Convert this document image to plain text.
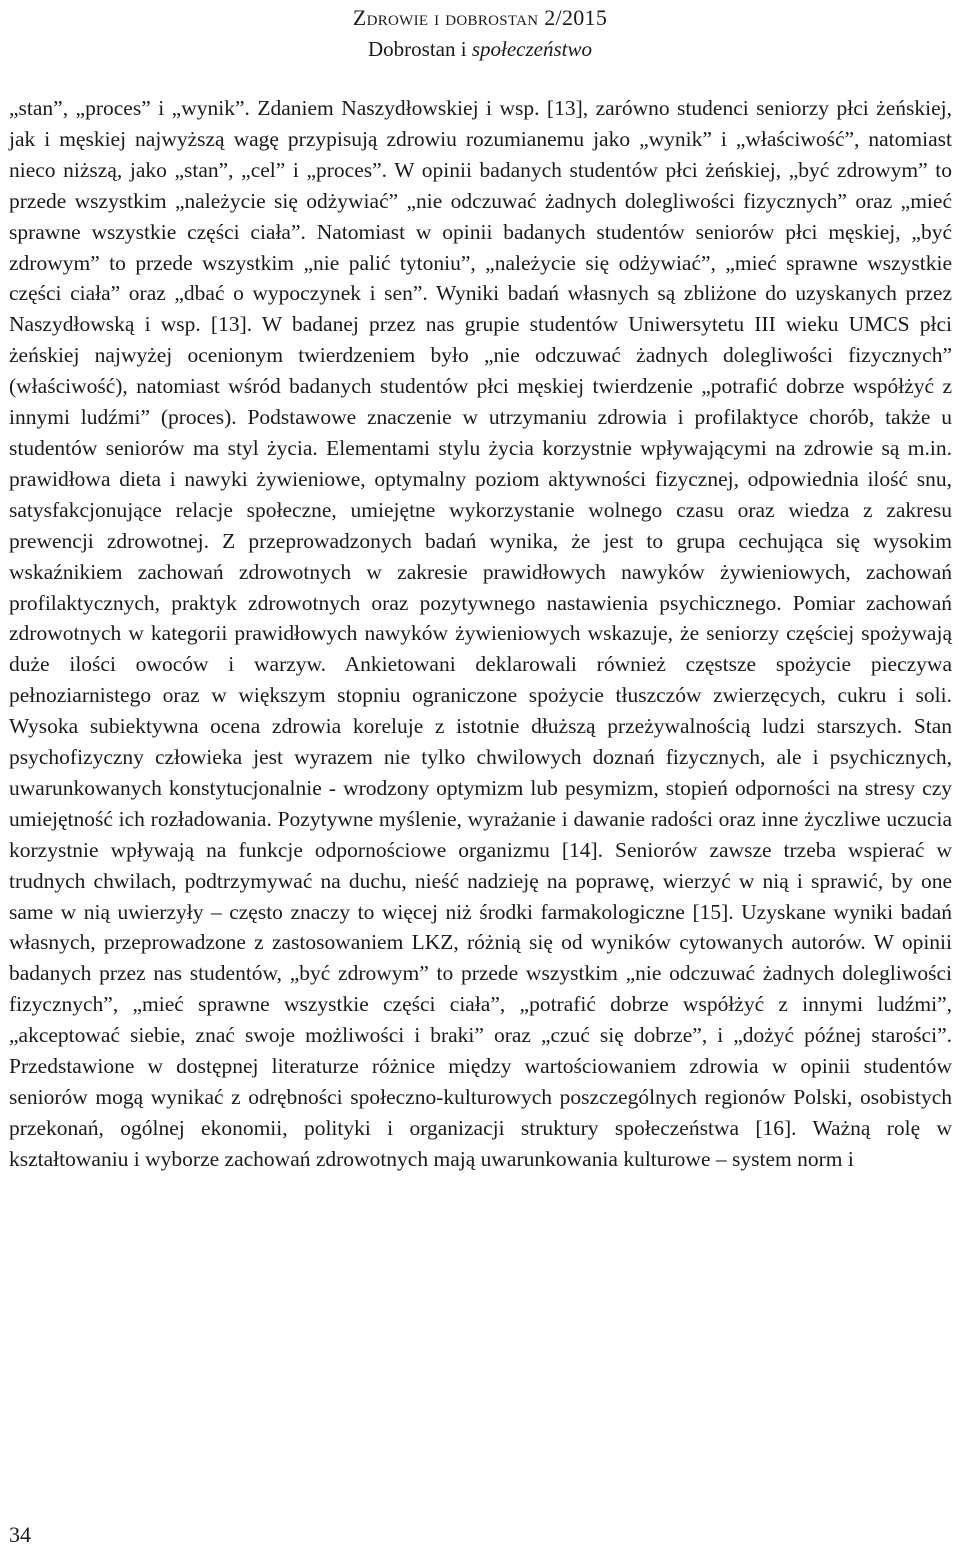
Zdrowie i dobrostan 2/2015
Dobrostan i społeczeństwo

„stan”, „proces” i „wynik”. Zdaniem Naszydłowskiej i wsp. [13], zarówno studenci seniorzy płci żeńskiej, jak i męskiej najwyższą wagę przypisują zdrowiu rozumianemu jako „wynik” i „właściwość”, natomiast nieco niższą, jako „stan”, „cel” i „proces”. W opinii badanych studentów płci żeńskiej, „być zdrowym” to przede wszystkim „należycie się odżywiać” „nie odczuwać żadnych dolegliwości fizycznych” oraz „mieć sprawne wszystkie części ciała”. Natomiast w opinii badanych studentów seniorów płci męskiej, „być zdrowym” to przede wszystkim „nie palić tytoniu”, „należycie się odżywiać”, „mieć sprawne wszystkie części ciała” oraz „dbać o wypoczynek i sen”. Wyniki badań własnych są zbliżone do uzyskanych przez Naszydłowską i wsp. [13]. W badanej przez nas grupie studentów Uniwersytetu III wieku UMCS płci żeńskiej najwyżej ocenionym twierdzeniem było „nie odczuwać żadnych dolegliwości fizycznych” (właściwość), natomiast wśród badanych studentów płci męskiej twierdzenie „potrafić dobrze współżyć z innymi ludźmi” (proces). Podstawowe znaczenie w utrzymaniu zdrowia i profilaktyce chorób, także u studentów seniorów ma styl życia. Elementami stylu życia korzystnie wpływającymi na zdrowie są m.in. prawidłowa dieta i nawyki żywieniowe, optymalny poziom aktywności fizycznej, odpowiednia ilość snu, satysfakcjonujące relacje społeczne, umiejętne wykorzystanie wolnego czasu oraz wiedza z zakresu prewencji zdrowotnej. Z przeprowadzonych badań wynika, że jest to grupa cechująca się wysokim wskaźnikiem zachowań zdrowotnych w zakresie prawidłowych nawyków żywieniowych, zachowań profilaktycznych, praktyk zdrowotnych oraz pozytywnego nastawienia psychicznego. Pomiar zachowań zdrowotnych w kategorii prawidłowych nawyków żywieniowych wskazuje, że seniorzy częściej spożywają duże ilości owoców i warzyw. Ankietowani deklarowali również częstsze spożycie pieczywa pełnoziarnistego oraz w większym stopniu ograniczone spożycie tłuszczów zwierzęcych, cukru i soli. Wysoka subiektywna ocena zdrowia koreluje z istotnie dłuższą przeżywalnością ludzi starszych. Stan psychofizyczny człowieka jest wyrazem nie tylko chwilowych doznań fizycznych, ale i psychicznych, uwarunkowanych konstytucjonalnie - wrodzony optymizm lub pesymizm, stopień odporności na stresy czy umiejętność ich rozładowania. Pozytywne myślenie, wyrażanie i dawanie radości oraz inne życzliwe uczucia korzystnie wpływają na funkcje odpornościowe organizmu [14]. Seniorów zawsze trzeba wspierać w trudnych chwilach, podtrzymywać na duchu, nieść nadzieję na poprawę, wierzyć w nią i sprawić, by one same w nią uwierzyły – często znaczy to więcej niż środki farmakologiczne [15]. Uzyskane wyniki badań własnych, przeprowadzone z zastosowaniem LKZ, różnią się od wyników cytowanych autorów. W opinii badanych przez nas studentów, „być zdrowym” to przede wszystkim „nie odczuwać żadnych dolegliwości fizycznych”, „mieć sprawne wszystkie części ciała”, „potrafić dobrze współżyć z innymi ludźmi”, „akceptować siebie, znać swoje możliwości i braki” oraz „czuć się dobrze”, i „dożyć późnej starości”. Przedstawione w dostępnej literaturze różnice między wartościowaniem zdrowia w opinii studentów seniorów mogą wynikać z odrębności społeczno-kulturowych poszczególnych regionów Polski, osobistych przekonań, ogólnej ekonomii, polityki i organizacji struktury społeczeństwa [16]. Ważną rolę w kształtowaniu i wyborze zachowań zdrowotnych mają uwarunkowania kulturowe – system norm i

34
